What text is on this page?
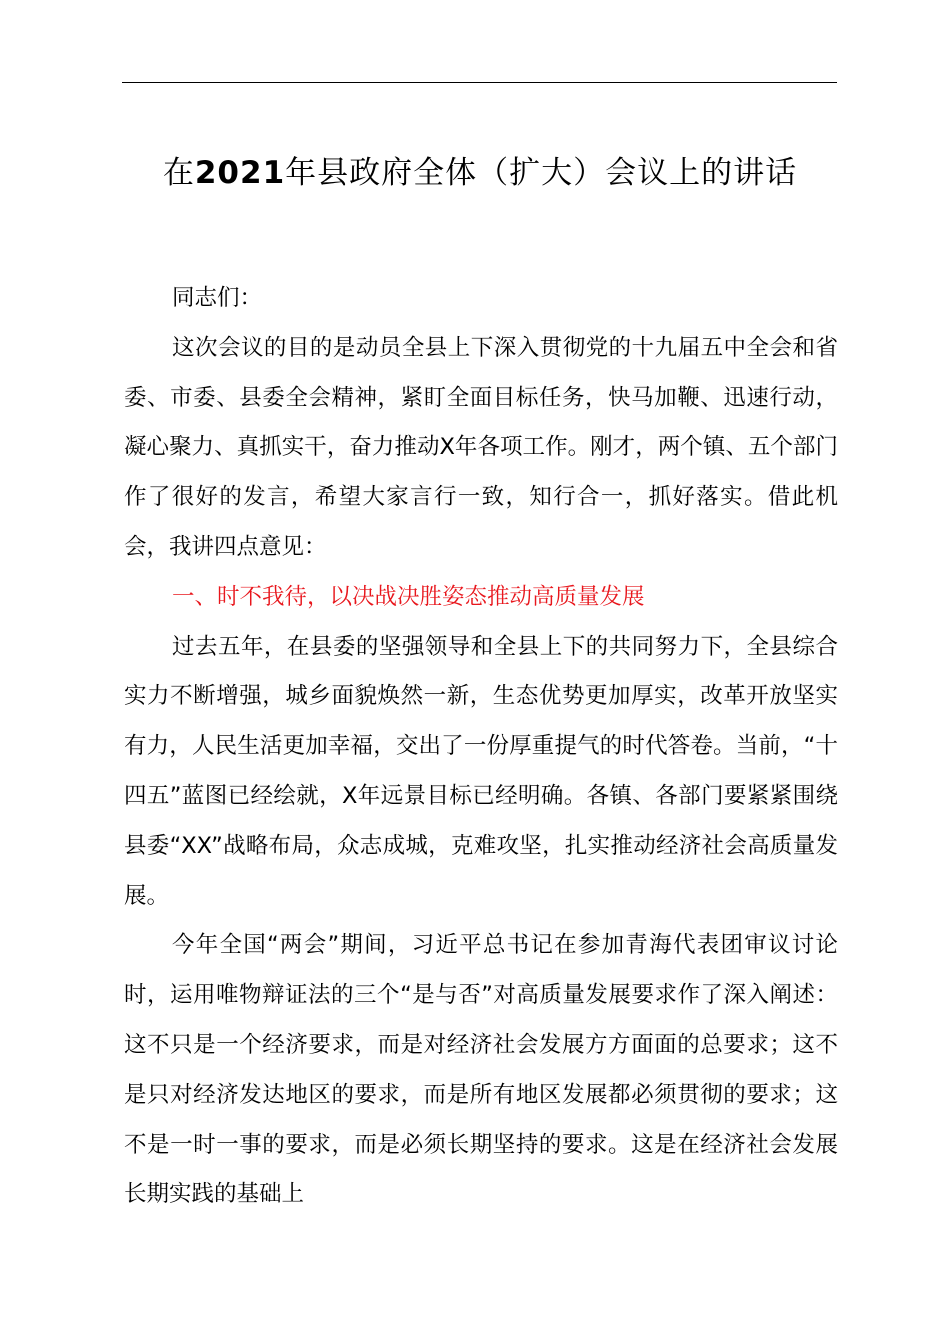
在2021年县政府全体（扩大）会议上的讲话

同志们：

这次会议的目的是动员全县上下深入贯彻党的十九届五中全会和省委、市委、县委全会精神，紧盯全面目标任务，快马加鞭、迅速行动，凝心聚力、真抓实干，奋力推动X年各项工作。刚才，两个镇、五个部门作了很好的发言，希望大家言行一致，知行合一，抓好落实。借此机会，我讲四点意见：

一、时不我待，以决战决胜姿态推动高质量发展

过去五年，在县委的坚强领导和全县上下的共同努力下，全县综合实力不断增强，城乡面貌焕然一新，生态优势更加厚实，改革开放坚实有力，人民生活更加幸福，交出了一份厚重提气的时代答卷。当前，“十四五”蓝图已经绘就，X年远景目标已经明确。各镇、各部门要紧紧围绕县委“XX”战略布局，众志成城，克难攻坚，扎实推动经济社会高质量发展。

今年全国“两会”期间，习近平总书记在参加青海代表团审议讨论时，运用唯物辩证法的三个“是与否”对高质量发展要求作了深入阐述：这不只是一个经济要求，而是对经济社会发展方方面面的总要求；这不是只对经济发达地区的要求，而是所有地区发展都必须贯彻的要求；这不是一时一事的要求，而是必须长期坚持的要求。这是在经济社会发展长期实践的基础上
